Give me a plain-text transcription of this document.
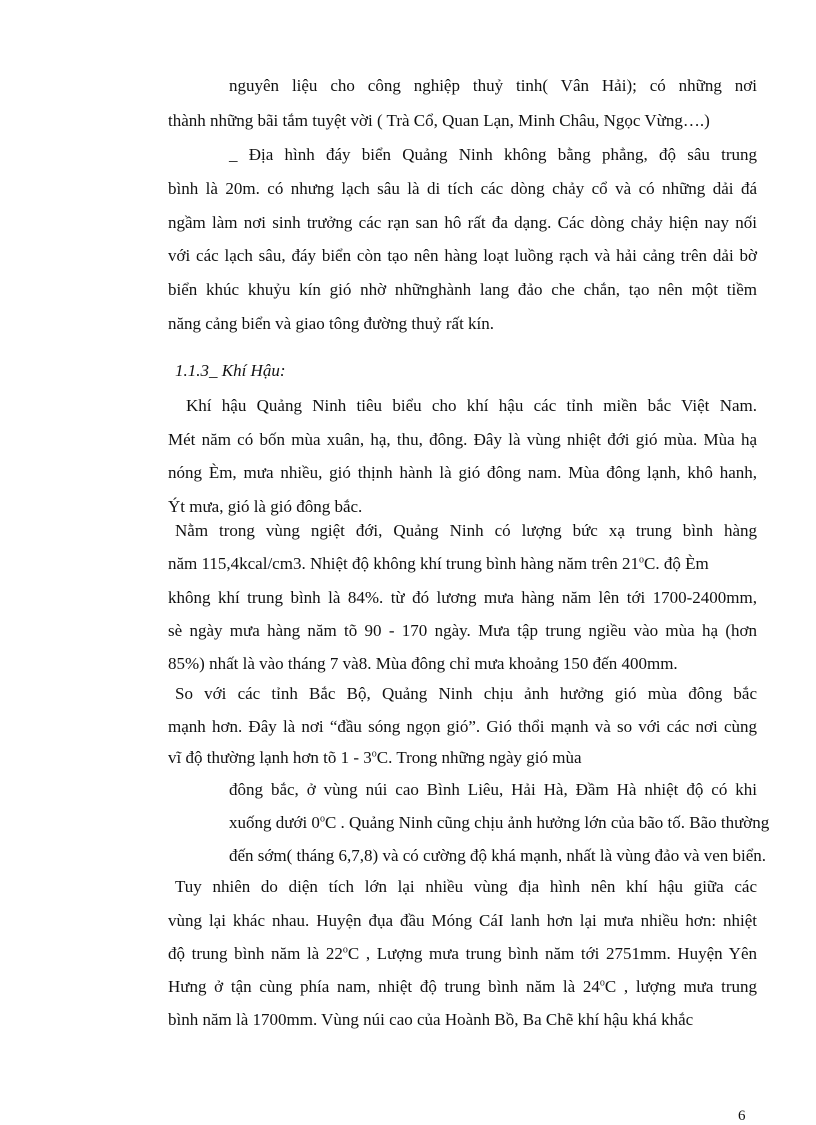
nguyên liệu cho công nghiệp thuỷ tinh( Vân Hải); có những nơi
thành những bãi tắm tuyệt vời ( Trà Cổ, Quan Lạn, Minh Châu, Ngọc Vừng….)
_ Địa hình đáy biển Quảng Ninh không bằng phẳng, độ sâu trung
bình là 20m. có nhưng lạch sâu là di tích các dòng chảy cổ và có những dải đá
ngầm làm nơi sinh trưởng các rạn san hô rất đa dạng. Các dòng chảy hiện nay nối
với các lạch sâu, đáy biển còn tạo nên hàng loạt luồng rạch và hải cảng trên dải bờ
biển khúc khuỷu kín gió nhờ nhữnghành lang đảo che chắn, tạo nên một tiềm
năng cảng biển và giao tông đường thuỷ rất kín.
1.1.3_ Khí Hậu:
Khí hậu Quảng Ninh tiêu biểu cho khí hậu các tỉnh miền bắc Việt Nam.
Mét năm có bốn mùa xuân, hạ, thu, đông. Đây là vùng nhiệt đới gió mùa. Mùa hạ
nóng Èm, mưa nhiều, gió thịnh hành là gió đông nam. Mùa đông lạnh, khô hanh,
Ýt mưa, gió là gió đông bắc.
Nằm trong vùng ngiệt đới, Quảng Ninh có lượng bức xạ trung bình hàng
năm 115,4kcal/cm3. Nhiệt độ không khí trung bình hàng năm trên 21$^o$C. độ Èm
không khí trung bình là 84%. từ đó lương mưa hàng năm lên tới 1700-2400mm,
sè ngày mưa hàng năm tõ 90 - 170 ngày. Mưa tập trung ngiều vào mùa hạ (hơn
85%) nhất là vào tháng 7 và8. Mùa đông chỉ mưa khoảng 150 đến 400mm.
So với các tỉnh Bắc Bộ, Quảng Ninh chịu ảnh hưởng gió mùa đông bắc
mạnh hơn. Đây là nơi “đầu sóng ngọn gió”. Gió thổi mạnh và so với các nơi cùng
vĩ độ thường lạnh hơn tõ 1 - 3$^o$C. Trong những ngày gió mùa
đông bắc, ở vùng núi cao Bình Liêu, Hải Hà, Đầm Hà nhiệt độ có khi
xuống dưới 0$^o$C . Quảng Ninh cũng chịu ảnh hưởng lớn của bão tố. Bão thường
đến sớm( tháng 6,7,8) và có cường độ khá mạnh, nhất là vùng đảo và ven biển.
Tuy nhiên do diện tích lớn lại nhiều vùng địa hình nên khí hậu giữa các
vùng lại khác nhau. Huyện đụa đầu Móng CáI lanh hơn lại mưa nhiều hơn: nhiệt
độ trung bình năm là 22$^o$C , Lượng mưa trung bình năm tới 2751mm. Huyện Yên
Hưng ở tận cùng phía nam, nhiệt độ trung bình năm là 24$^o$C , lượng mưa trung
bình năm là 1700mm. Vùng núi cao của Hoành Bồ, Ba Chẽ khí hậu khá khắc
6
